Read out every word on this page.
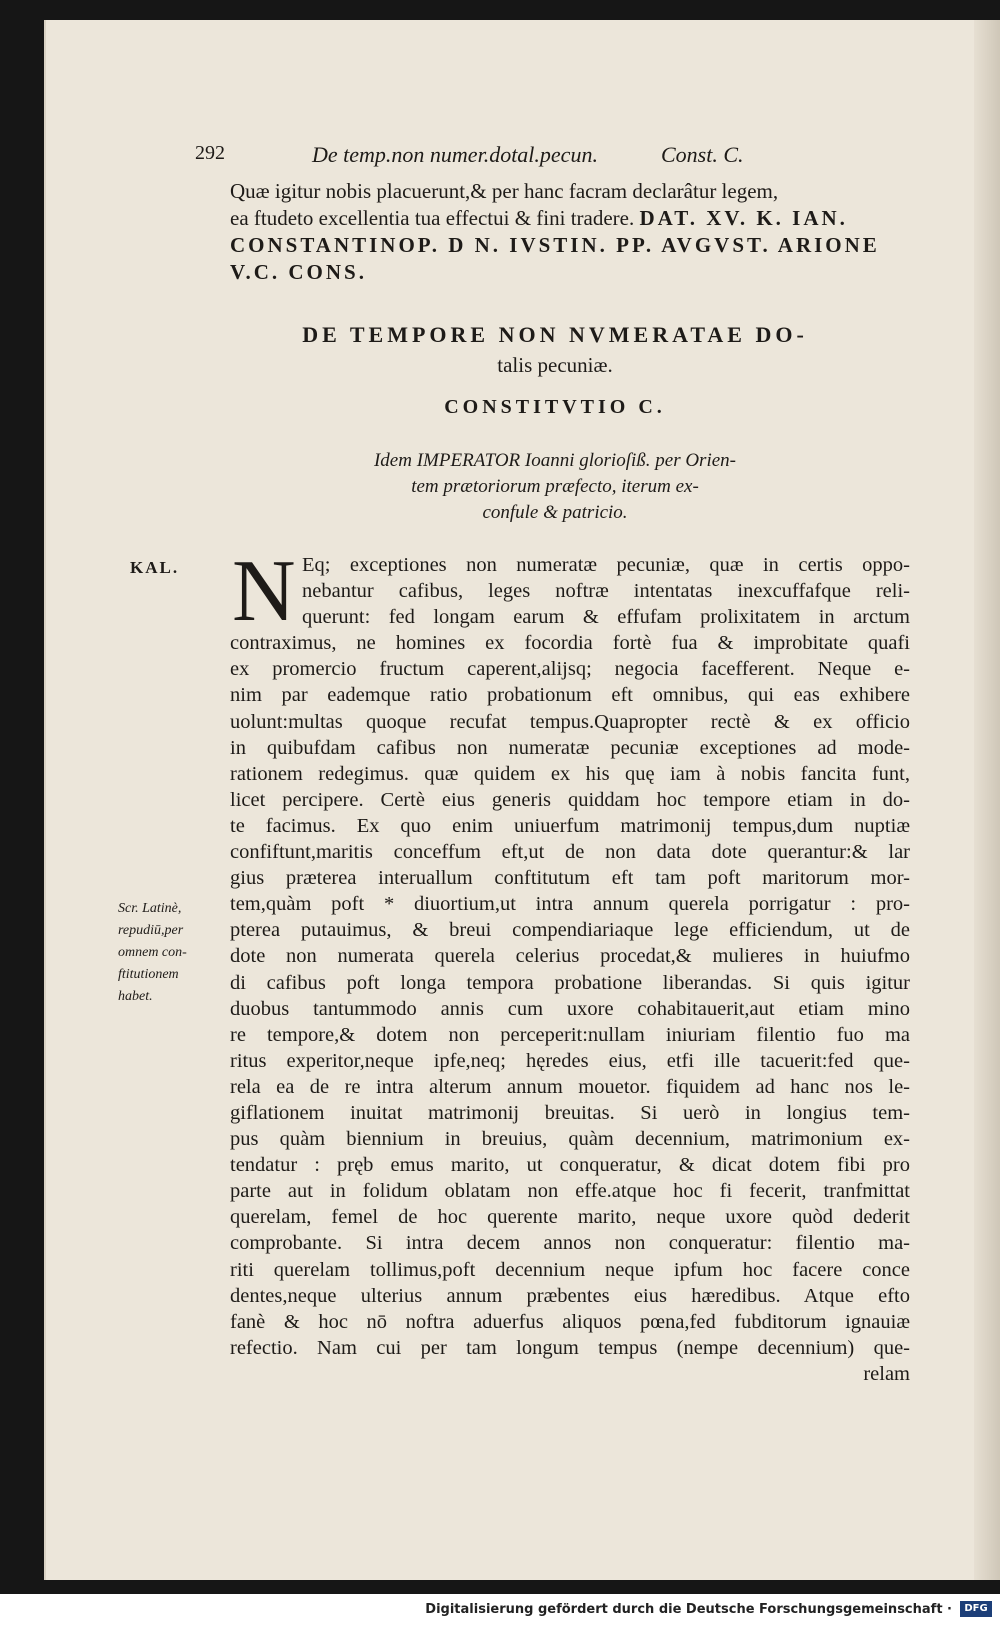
292	De temp.non numer.dotal.pecun.	Const. C.

Quæ igitur nobis placuerunt,& per hanc facram declarâtur legem,

ea ftudeto excellentia tua effectui & fini tradere. DAT. XV. K. IAN.

CONSTANTINOP. D N. IVSTIN. PP. AVGVST. ARIONE

V.C. CONS.

DE TEMPORE NON NVMERATAE DO-
talis pecuniæ.
CONSTITVTIO C.
Idem IMPERATOR Ioanni glorioſiß. per Orien-
tem prætoriorum præfecto, iterum ex-
confule & patricio.
KAL.
Scr. Latinè,
repudiū,per
omnem con-
ftitutionem
habet.
N Eq; exceptiones non numeratæ pecuniæ, quæ in certis oppo-
nebantur cafibus, leges noftræ intentatas inexcuffafque reli-
querunt: fed longam earum & effufam prolixitatem in arctum
contraximus, ne homines ex focordia fortè fua & improbitate quafi
ex promercio fructum caperent,alijsq; negocia facefferent. Neque e-
nim par eademque ratio probationum eft omnibus, qui eas exhibere
uolunt:multas quoque recufat tempus.Quapropter rectè & ex officio
in quibufdam cafibus non numeratæ pecuniæ exceptiones ad mode-
rationem redegimus. quæ quidem ex his quę iam à nobis fancita funt,
licet percipere. Certè eius generis quiddam hoc tempore etiam in do-
te facimus. Ex quo enim uniuerfum matrimonij tempus,dum nuptiæ
confiftunt,maritis conceffum eft,ut de non data dote querantur:& lar
gius præterea interuallum conftitutum eft tam poft maritorum mor-
tem,quàm poft * diuortium,ut intra annum querela porrigatur : pro-
pterea putauimus, & breui compendiariaque lege efficiendum, ut de
dote non numerata querela celerius procedat,& mulieres in huiufmo
di cafibus poft longa tempora probatione liberandas. Si quis igitur
duobus tantummodo annis cum uxore cohabitauerit,aut etiam mino
re tempore,& dotem non perceperit:nullam iniuriam filentio fuo ma
ritus experitor,neque ipfe,neq; hęredes eius, etfi ille tacuerit:fed que-
rela ea de re intra alterum annum mouetor. fiquidem ad hanc nos le-
giflationem inuitat matrimonij breuitas. Si uerò in longius tem-
pus quàm biennium in breuius, quàm decennium, matrimonium ex-
tendatur : pręb emus marito, ut conqueratur, & dicat dotem fibi pro
parte aut in folidum oblatam non effe.atque hoc fi fecerit, tranfmittat
querelam, femel de hoc querente marito, neque uxore quòd dederit
comprobante. Si intra decem annos non conqueratur: filentio ma-
riti querelam tollimus,poft decennium neque ipfum hoc facere conce
dentes,neque ulterius annum præbentes eius hæredibus. Atque efto
fanè & hoc nō noftra aduerfus aliquos pœna,fed fubditorum ignauiæ
refectio. Nam cui per tam longum tempus (nempe decennium) que-
relam
Digitalisierung gefördert durch die Deutsche Forschungsgemeinschaft ·	DFG
